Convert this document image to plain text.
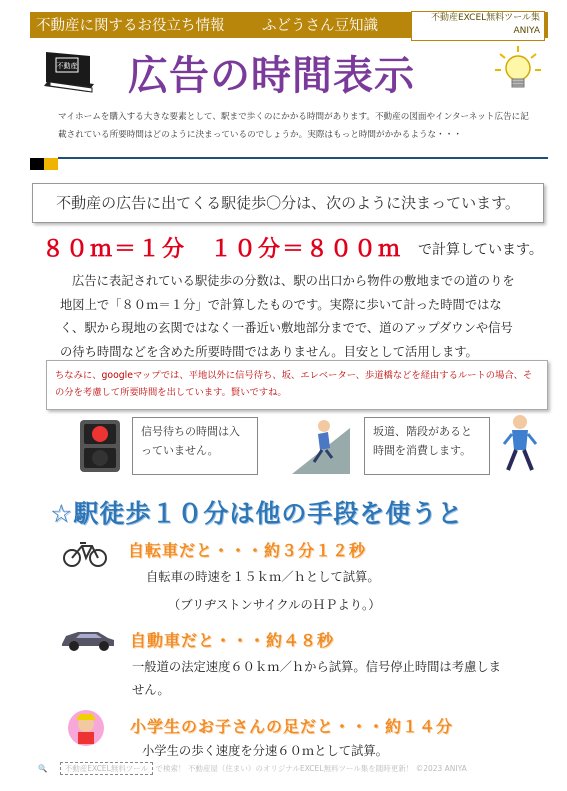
不動産に関するお役立ち情報	ふどうさん豆知識	不動産EXCEL無料ツール集
ANIYA
不動産 広告の時間表示
マイホームを購入する大きな要素として、駅まで歩くのにかかる時間があります。不動産の図面やインターネット広告に記載されている所要時間はどのように決まっているのでしょうか。実際はもっと時間がかかるような・・・
不動産の広告に出てくる駅徒歩〇分は、次のように決まっています。
８０ｍ＝１分　１０分＝８００ｍ で計算しています。
広告に表記されている駅徒歩の分数は、駅の出口から物件の敷地までの道のりを地図上で「８０ｍ＝１分」で計算したものです。実際に歩いて計った時間ではなく、駅から現地の玄関ではなく一番近い敷地部分までで、道のアップダウンや信号の待ち時間などを含めた所要時間ではありません。目安として活用します。
ちなみに、googleマップでは、平地以外に信号待ち、坂、エレベーター、歩道橋などを経由するルートの場合、その分を考慮して所要時間を出しています。賢いですね。
信号待ちの時間は入っていません。
坂道、階段があると時間を消費します。
☆駅徒歩１０分は他の手段を使うと
自転車だと・・・約３分１２秒
自転車の時速を１５ｋｍ／ｈとして試算。
（ブリヂストンサイクルのＨＰより。）
自動車だと・・・約４８秒
一般道の法定速度６０ｋｍ／ｈから試算。信号停止時間は考慮しません。
小学生のお子さんの足だと・・・約１４分
小学生の歩く速度を分速６０ｍとして試算。
🔍 不動産EXCEL無料ツール で検索！ 不動産屋（住まい）のオリジナルEXCEL無料ツール集を随時更新！ ©2023 ANIYA
